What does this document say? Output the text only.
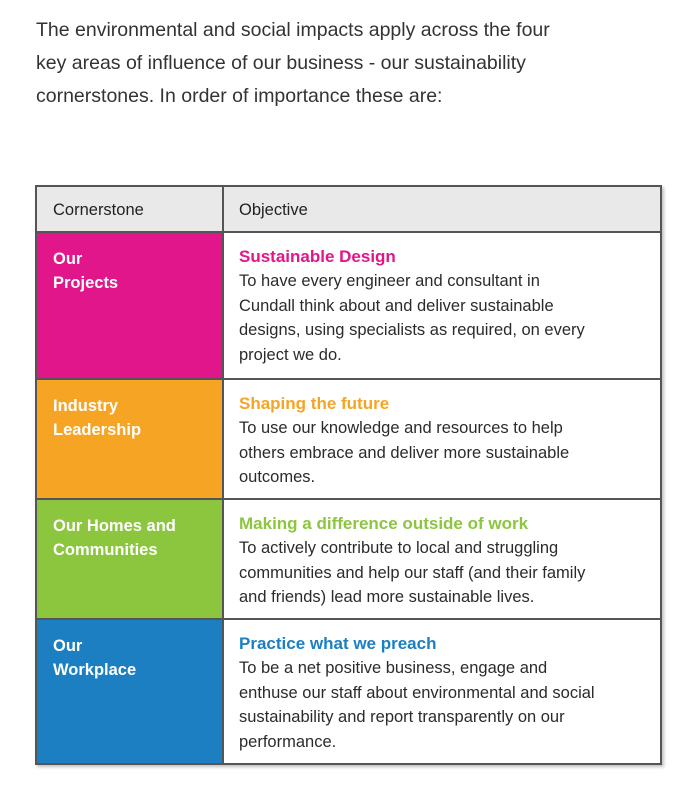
The environmental and social impacts apply across the four
key areas of influence of our business - our sustainability
cornerstones. In order of importance these are:
Cornerstone	Objective
Our
Projects
Sustainable Design
To have every engineer and consultant in
Cundall think about and deliver sustainable
designs, using specialists as required, on every
project we do.
Industry
Leadership
Shaping the future
To use our knowledge and resources to help
others embrace and deliver more sustainable
outcomes.
Our Homes and
Communities
Making a difference outside of work
To actively contribute to local and struggling
communities and help our staff (and their family
and friends) lead more sustainable lives.
Our
Workplace
Practice what we preach
To be a net positive business, engage and
enthuse our staff about environmental and social
sustainability and report transparently on our
performance.
